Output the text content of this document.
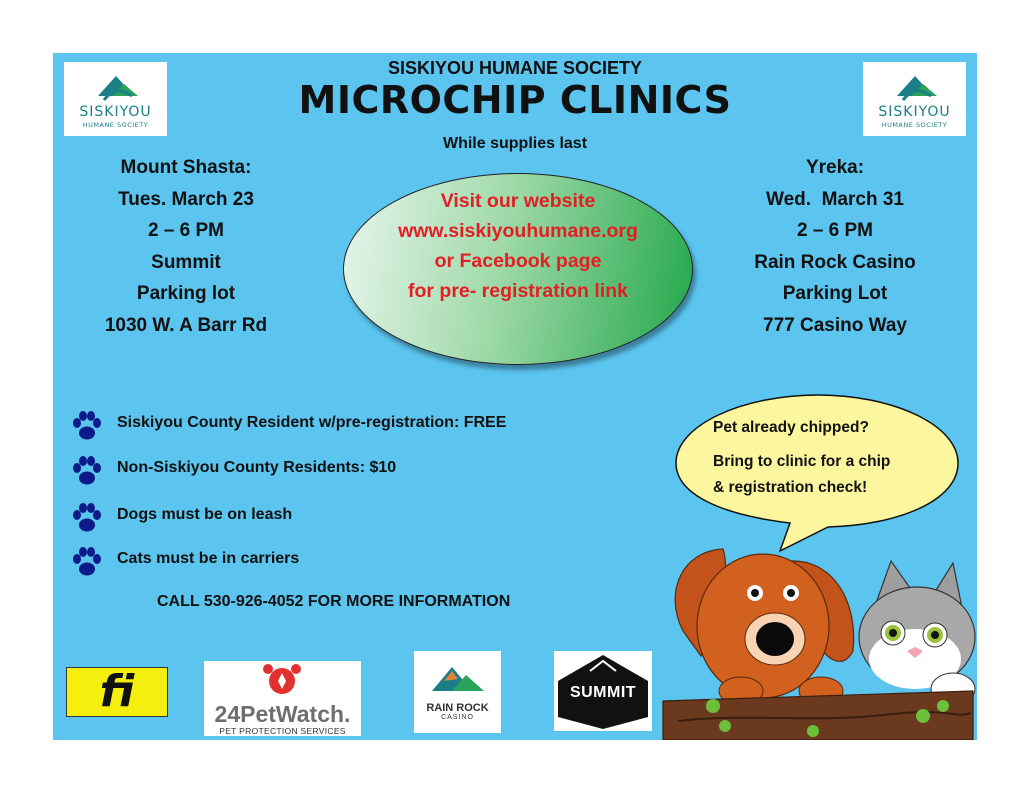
SISKIYOU
HUMANE SOCIETY
SISKIYOU
HUMANE SOCIETY
SISKIYOU HUMANE SOCIETY
MICROCHIP CLINICS
While supplies last
Mount Shasta:
Tues. March 23
2 – 6 PM
Summit
Parking lot
1030 W. A Barr Rd
Yreka:
Wed.  March 31
2 – 6 PM
Rain Rock Casino
Parking Lot
777 Casino Way
Visit our website
www.siskiyouhumane.org
or Facebook page
for pre- registration link
Siskiyou County Resident w/pre-registration: FREE
Non-Siskiyou County Residents: $10
Dogs must be on leash
Cats must be in carriers
CALL 530-926-4052 FOR MORE INFORMATION
Pet already chipped?
Bring to clinic for a chip
& registration check!
fi	24PetWatch.
PET PROTECTION SERVICES
RAIN ROCK
CASINO
SUMMIT
